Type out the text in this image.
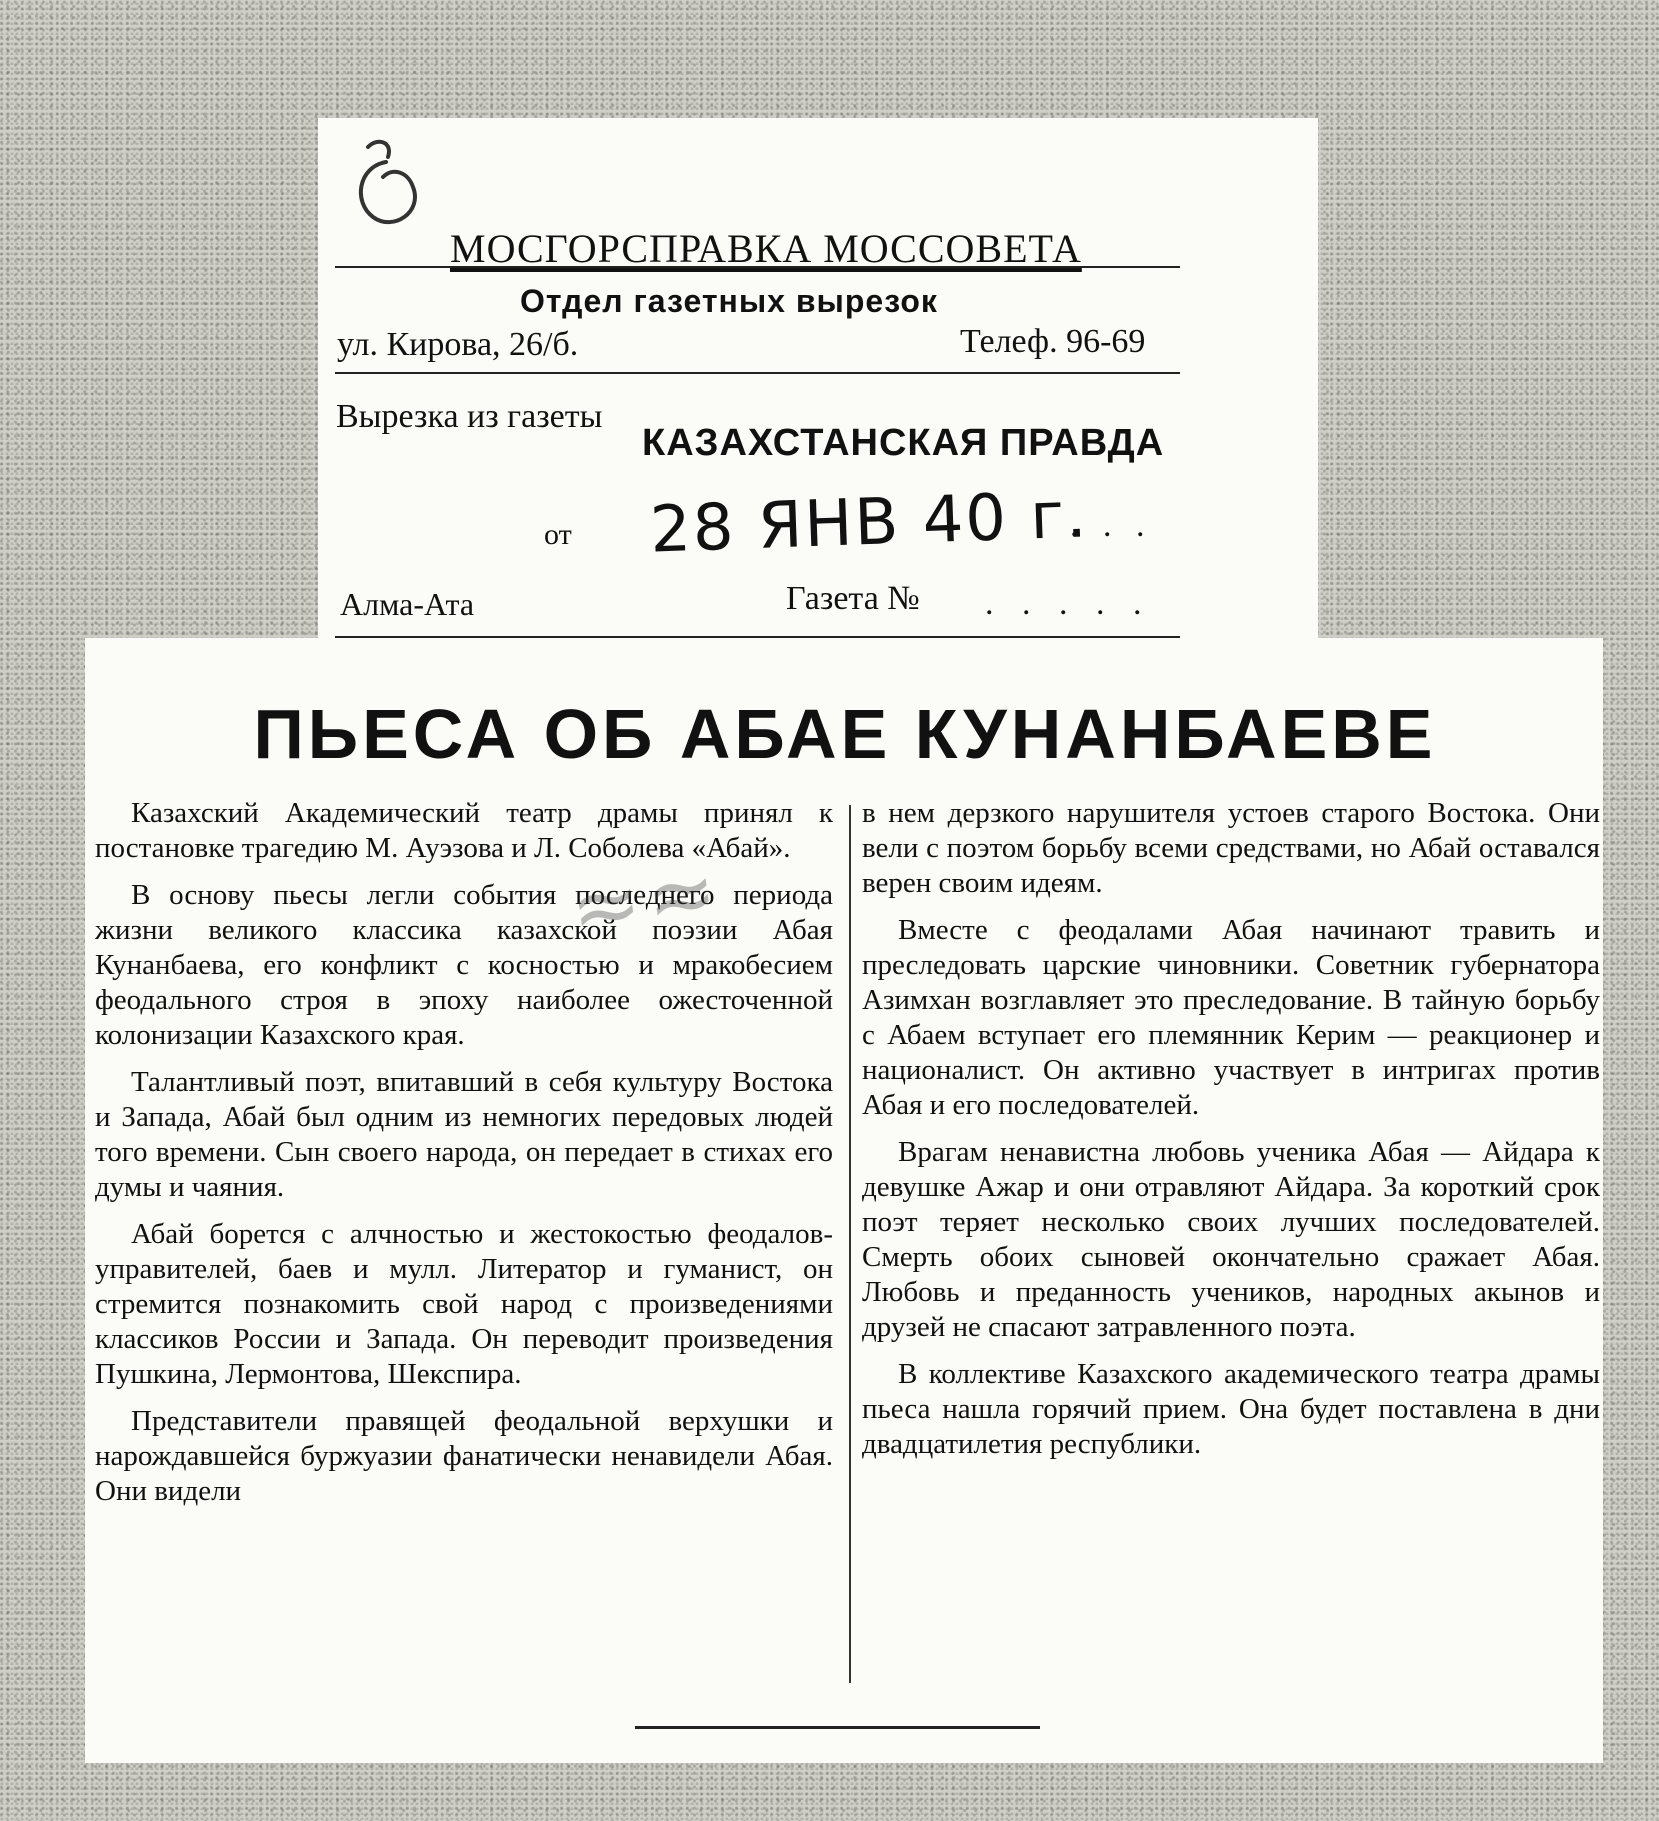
МОСГОРСПРАВКА МОССОВЕТА
Отдел газетных вырезок
ул. Кирова, 26/б.	Телеф. 96-69
Вырезка из газеты
КАЗАХСТАНСКАЯ ПРАВДА
от 28 ЯНВ 40 г.
. . .
Алма-Ата	Газета № . . . . .
ПЬЕСА ОБ АБАЕ КУНАНБАЕВЕ

Казахский Академический театр драмы принял к постановке трагедию М. Ауэзова и Л. Соболева «Абай».

В основу пьесы легли события последнего периода жизни великого классика казахской поэзии Абая Кунанбаева, его конфликт с косностью и мракобесием феодального строя в эпоху наиболее ожесточенной колонизации Казахского края.

Талантливый поэт, впитавший в себя культуру Востока и Запада, Абай был одним из немногих передовых людей того времени. Сын своего народа, он передает в стихах его думы и чаяния.

Абай борется с алчностью и жестокостью феодалов-управителей, баев и мулл. Литератор и гуманист, он стремится познакомить свой народ с произведениями классиков России и Запада. Он переводит произведения Пушкина, Лермонтова, Шекспира.

Представители правящей феодальной верхушки и нарождавшейся буржуазии фанатически ненавидели Абая. Они видели

в нем дерзкого нарушителя устоев старого Востока. Они вели с поэтом борьбу всеми средствами, но Абай оставался верен своим идеям.

Вместе с феодалами Абая начинают травить и преследовать царские чиновники. Советник губернатора Азимхан возглавляет это преследование. В тайную борьбу с Абаем вступает его племянник Керим — реакционер и националист. Он активно участвует в интригах против Абая и его последователей.

Врагам ненавистна любовь ученика Абая — Айдара к девушке Ажар и они отравляют Айдара. За короткий срок поэт теряет несколько своих лучших последователей. Смерть обоих сыновей окончательно сражает Абая. Любовь и преданность учеников, народных акынов и друзей не спасают затравленного поэта.

В коллективе Казахского академического театра драмы пьеса нашла горячий прием. Она будет поставлена в дни двадцатилетия республики.

≈≈
